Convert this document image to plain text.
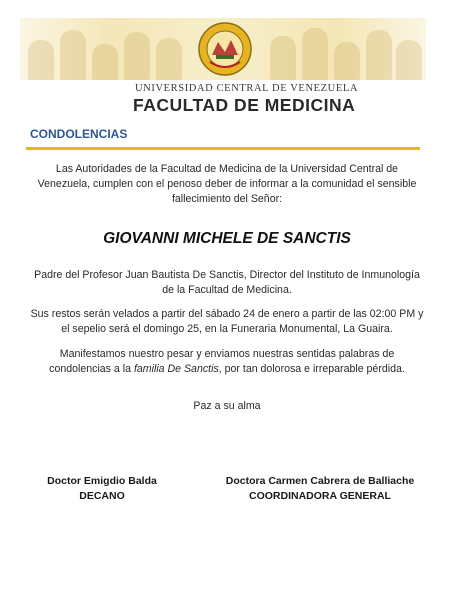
UNIVERSIDAD CENTRAL DE VENEZUELA
FACULTAD DE MEDICINA
CONDOLENCIAS
Las Autoridades de la Facultad de Medicina de la Universidad Central de Venezuela, cumplen con el penoso deber de informar a la comunidad el sensible fallecimiento del Señor:
GIOVANNI MICHELE DE SANCTIS
Padre del Profesor Juan Bautista De Sanctis, Director del Instituto de Inmunología de la Facultad de Medicina.
Sus restos serán velados a partir del sábado 24 de enero a partir de las 02:00 PM y el sepelio será el domingo 25, en la Funeraria Monumental, La Guaira.
Manifestamos nuestro pesar y enviamos nuestras sentidas palabras de condolencias a la familia De Sanctis, por tan dolorosa e irreparable pérdida.
Paz a su alma
Doctor Emigdio Balda
DECANO
Doctora Carmen Cabrera de Balliache
COORDINADORA GENERAL
